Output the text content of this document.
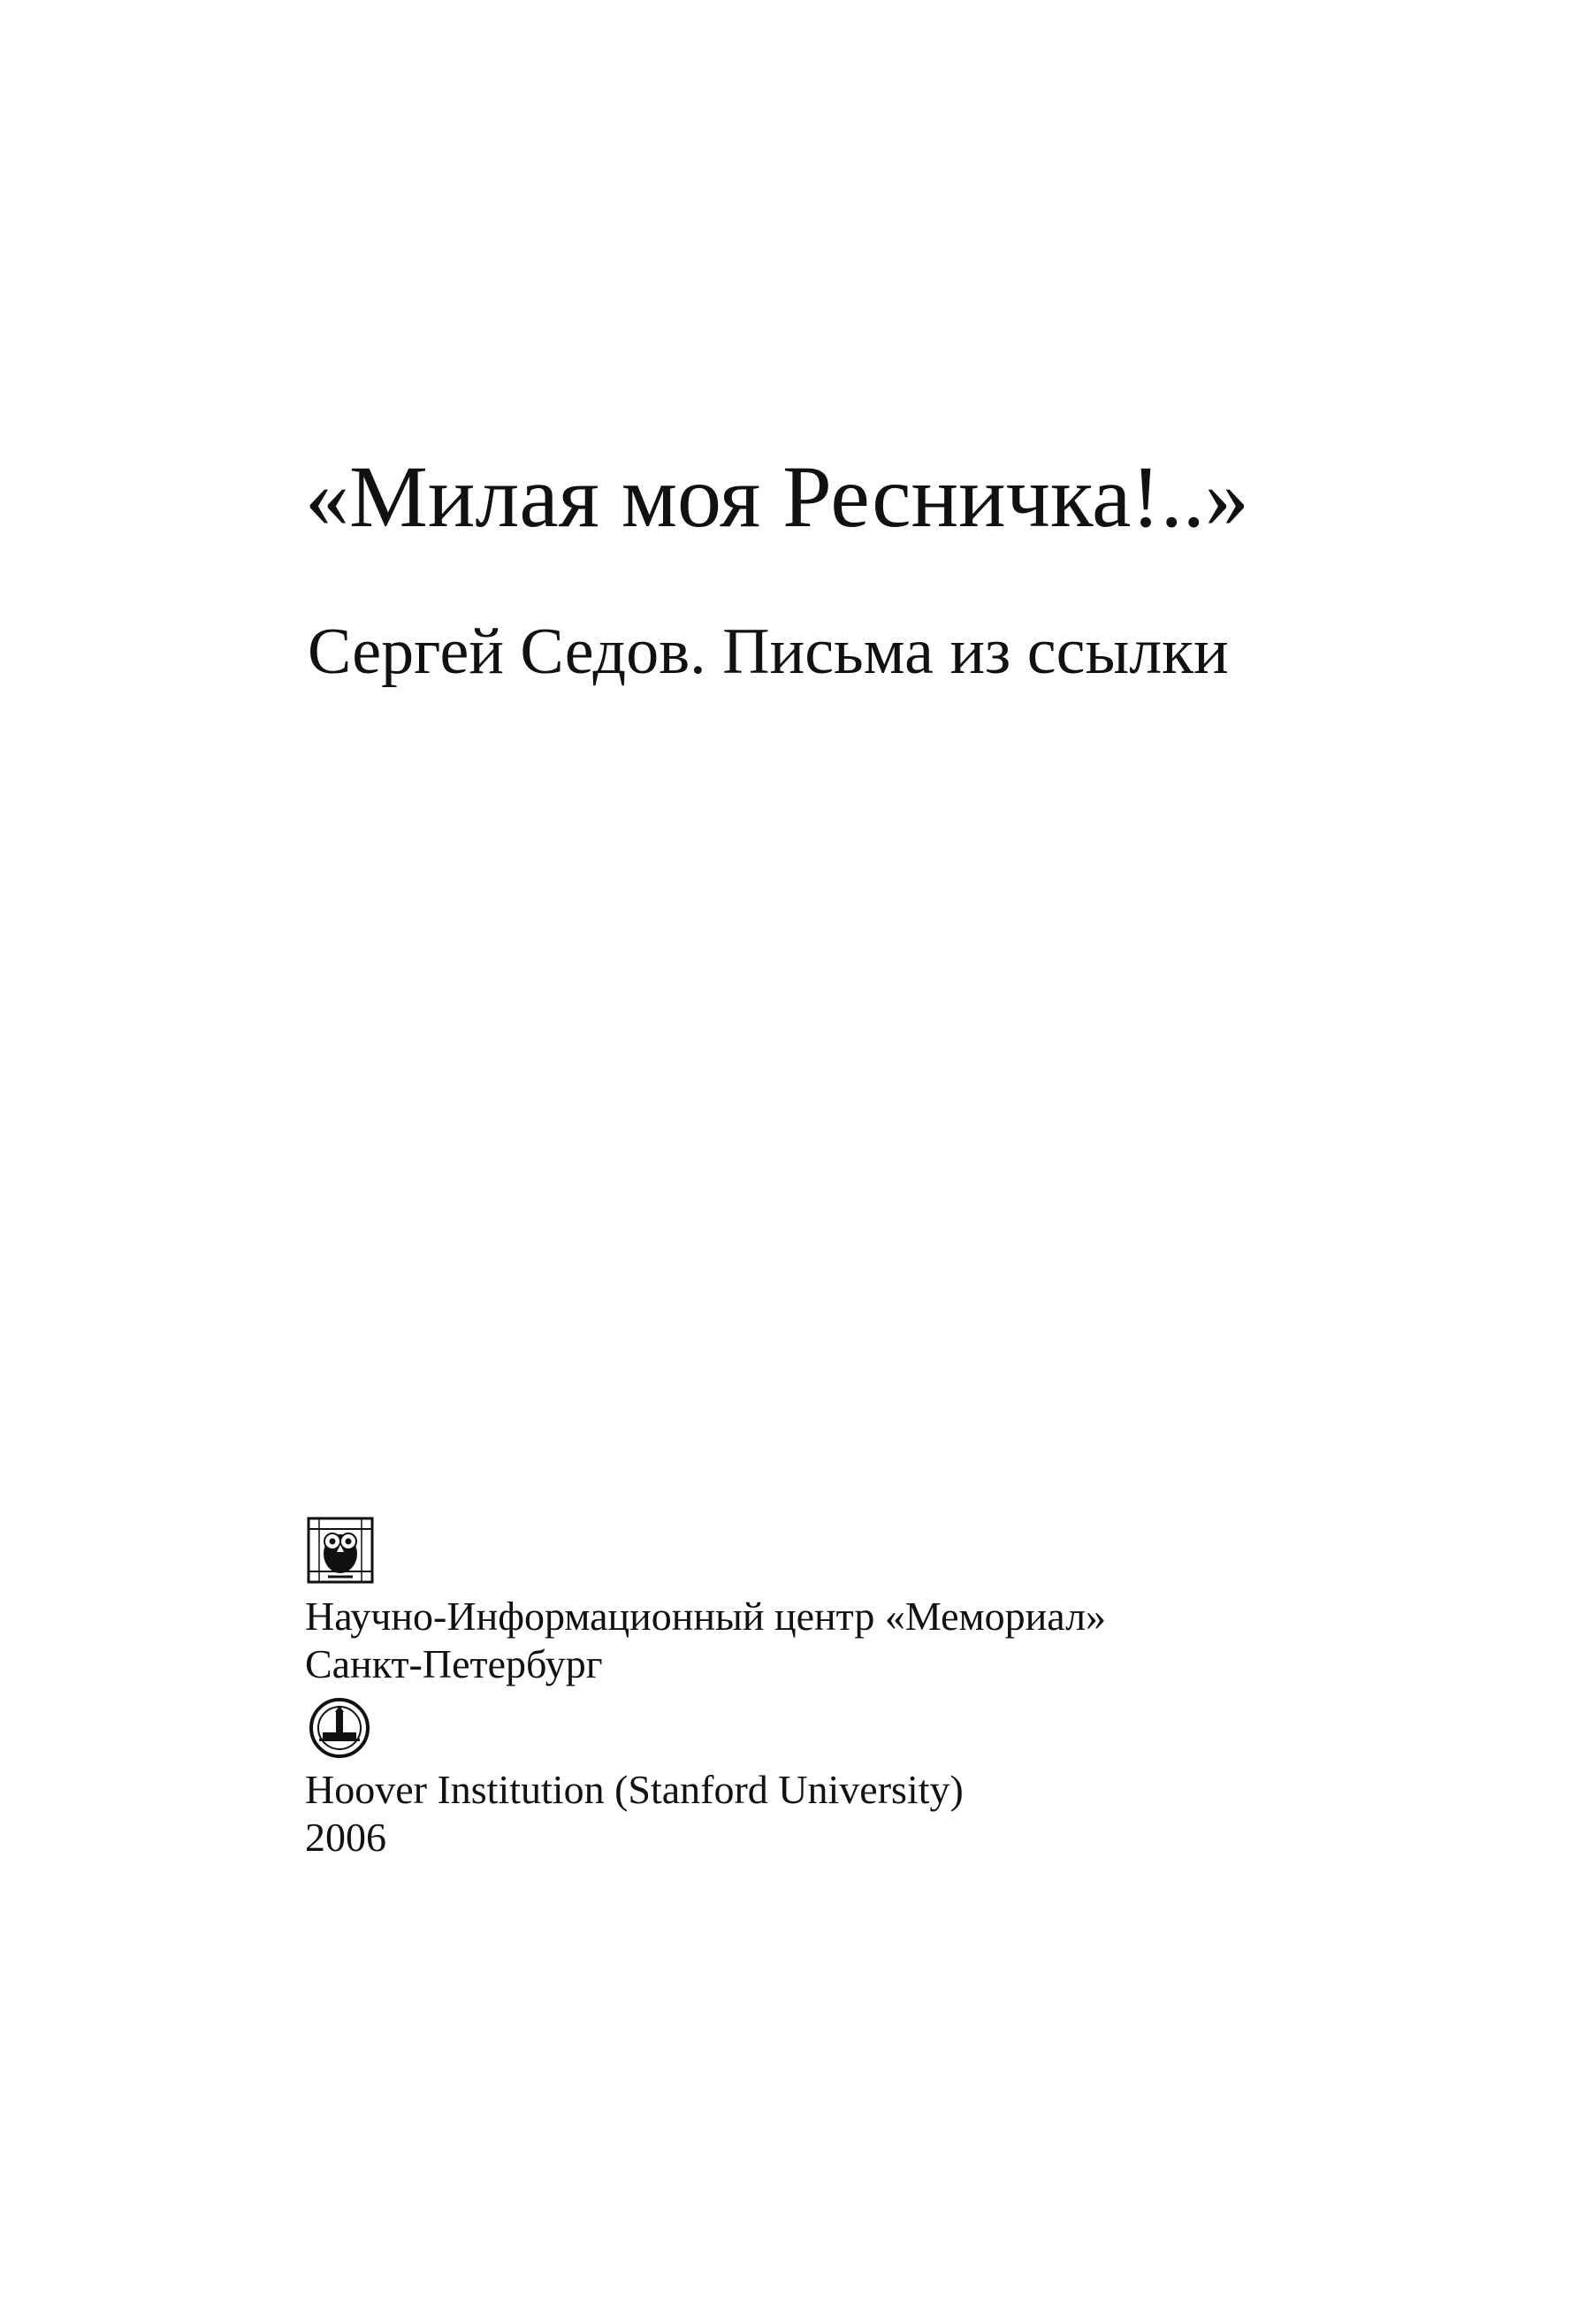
«Милая моя Ресничка!..»
Сергей Седов. Письма из ссылки
Научно-Информационный центр «Мемориал»
Санкт-Петербург
Hoover Institution (Stanford University)
2006
